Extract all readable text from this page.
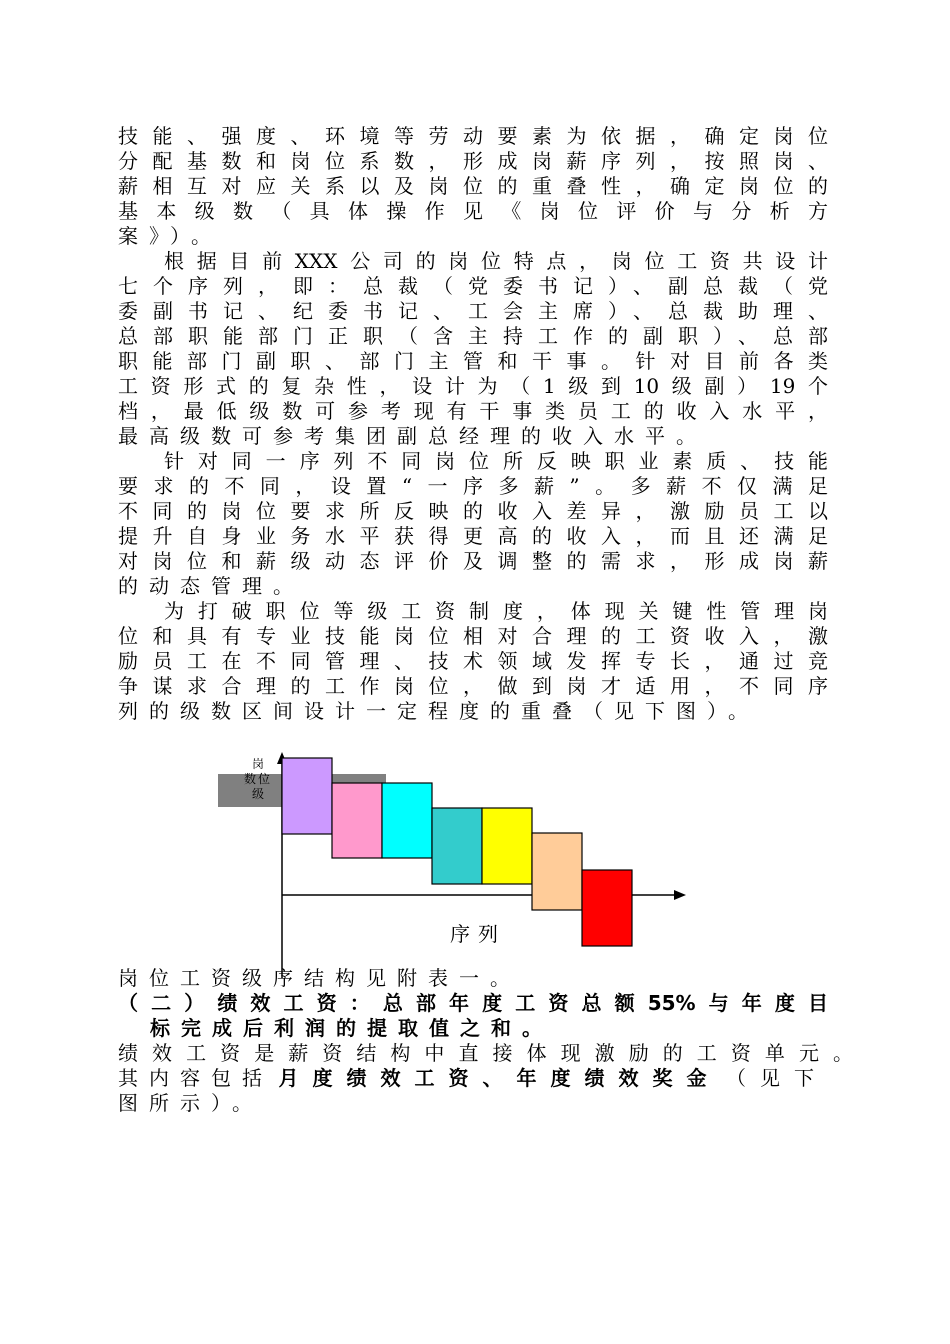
技能、强度、环境等劳动要素为依据，确定岗位
分配基数和岗位系数，形成岗薪序列，按照岗、
薪相互对应关系以及岗位的重叠性，确定岗位的
基本级数（具体操作见《岗位评价与分析方
案》）。
根据目前XXX公司的岗位特点，岗位工资共设计
七个序列，即：总裁（党委书记）、副总裁（党
委副书记、纪委书记、工会主席）、总裁助理、
总部职能部门正职（含主持工作的副职）、总部
职能部门副职、部门主管和干事。针对目前各类
工资形式的复杂性，设计为（1级到10级副）19个
档，最低级数可参考现有干事类员工的收入水平，
最高级数可参考集团副总经理的收入水平。
针对同一序列不同岗位所反映职业素质、技能
要求的不同，设置“一序多薪”。多薪不仅满足
不同的岗位要求所反映的收入差异，激励员工以
提升自身业务水平获得更高的收入，而且还满足
对岗位和薪级动态评价及调整的需求，形成岗薪
的动态管理。
为打破职位等级工资制度，体现关键性管理岗
位和具有专业技能岗位相对合理的工资收入，激
励员工在不同管理、技术领域发挥专长，通过竞
争谋求合理的工作岗位，做到岗才适用，不同序
列的级数区间设计一定程度的重叠（见下图）。
岗
数 位
级
序列
岗位工资级序结构见附表一。
（二）绩效工资：总部年度工资总额55%与年度目
标完成后利润的提取值之和。
绩效工资是薪资结构中直接体现激励的工资单元。
其内容包括 月度绩效工资、年度绩效奖金 （见下
图所示）。
